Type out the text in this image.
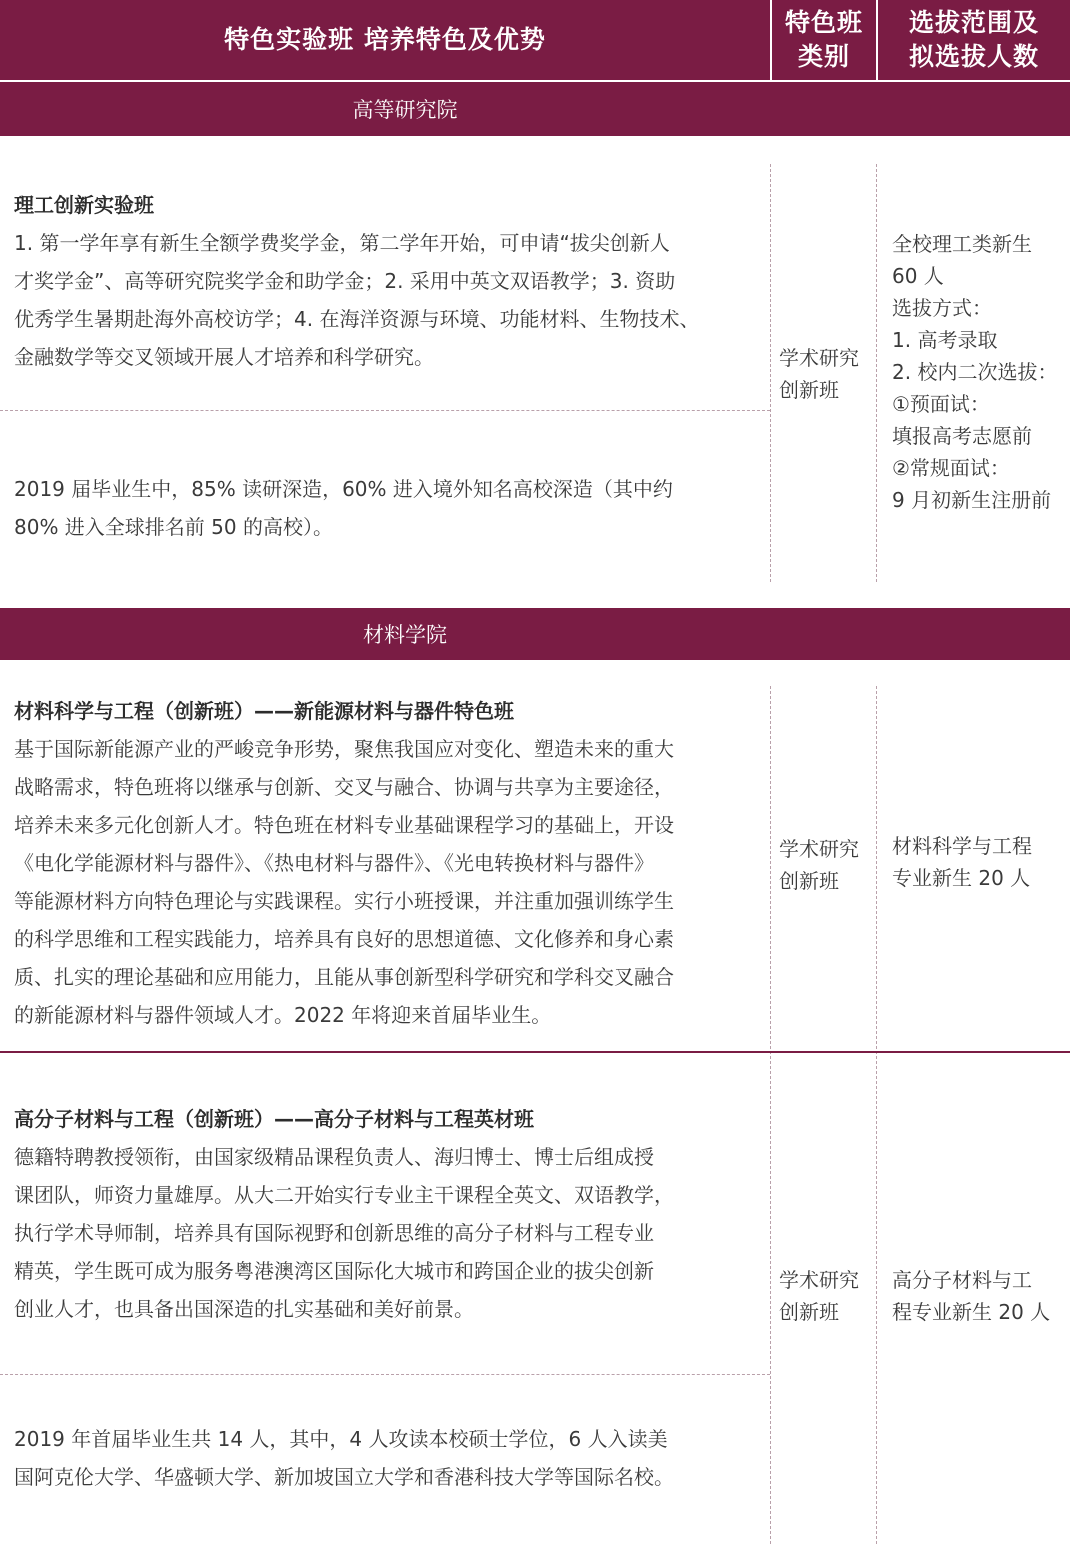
特色实验班 培养特色及优势
特色班
类别
选拔范围及
拟选拔人数
高等研究院
理工创新实验班
1. 第一学年享有新生全额学费奖学金，第二学年开始，可申请“拔尖创新人
才奖学金”、高等研究院奖学金和助学金；2. 采用中英文双语教学；3. 资助
优秀学生暑期赴海外高校访学；4. 在海洋资源与环境、功能材料、生物技术、
金融数学等交叉领域开展人才培养和科学研究。
2019 届毕业生中，85% 读研深造，60% 进入境外知名高校深造（其中约
80% 进入全球排名前 50 的高校）。
学术研究
创新班
全校理工类新生
60 人
选拔方式：
1. 高考录取
2. 校内二次选拔：
①预面试：
填报高考志愿前
②常规面试：
9 月初新生注册前
材料学院
材料科学与工程（创新班）——新能源材料与器件特色班
基于国际新能源产业的严峻竞争形势，聚焦我国应对变化、塑造未来的重大
战略需求，特色班将以继承与创新、交叉与融合、协调与共享为主要途径，
培养未来多元化创新人才。特色班在材料专业基础课程学习的基础上，开设
《电化学能源材料与器件》、《热电材料与器件》、《光电转换材料与器件》
等能源材料方向特色理论与实践课程。实行小班授课，并注重加强训练学生
的科学思维和工程实践能力，培养具有良好的思想道德、文化修养和身心素
质、扎实的理论基础和应用能力，且能从事创新型科学研究和学科交叉融合
的新能源材料与器件领域人才。2022 年将迎来首届毕业生。
学术研究
创新班
材料科学与工程
专业新生 20 人
高分子材料与工程（创新班）——高分子材料与工程英材班
德籍特聘教授领衔，由国家级精品课程负责人、海归博士、博士后组成授
课团队，师资力量雄厚。从大二开始实行专业主干课程全英文、双语教学，
执行学术导师制，培养具有国际视野和创新思维的高分子材料与工程专业
精英，学生既可成为服务粤港澳湾区国际化大城市和跨国企业的拔尖创新
创业人才，也具备出国深造的扎实基础和美好前景。
2019 年首届毕业生共 14 人，其中，4 人攻读本校硕士学位，6 人入读美
国阿克伦大学、华盛顿大学、新加坡国立大学和香港科技大学等国际名校。
学术研究
创新班
高分子材料与工
程专业新生 20 人
